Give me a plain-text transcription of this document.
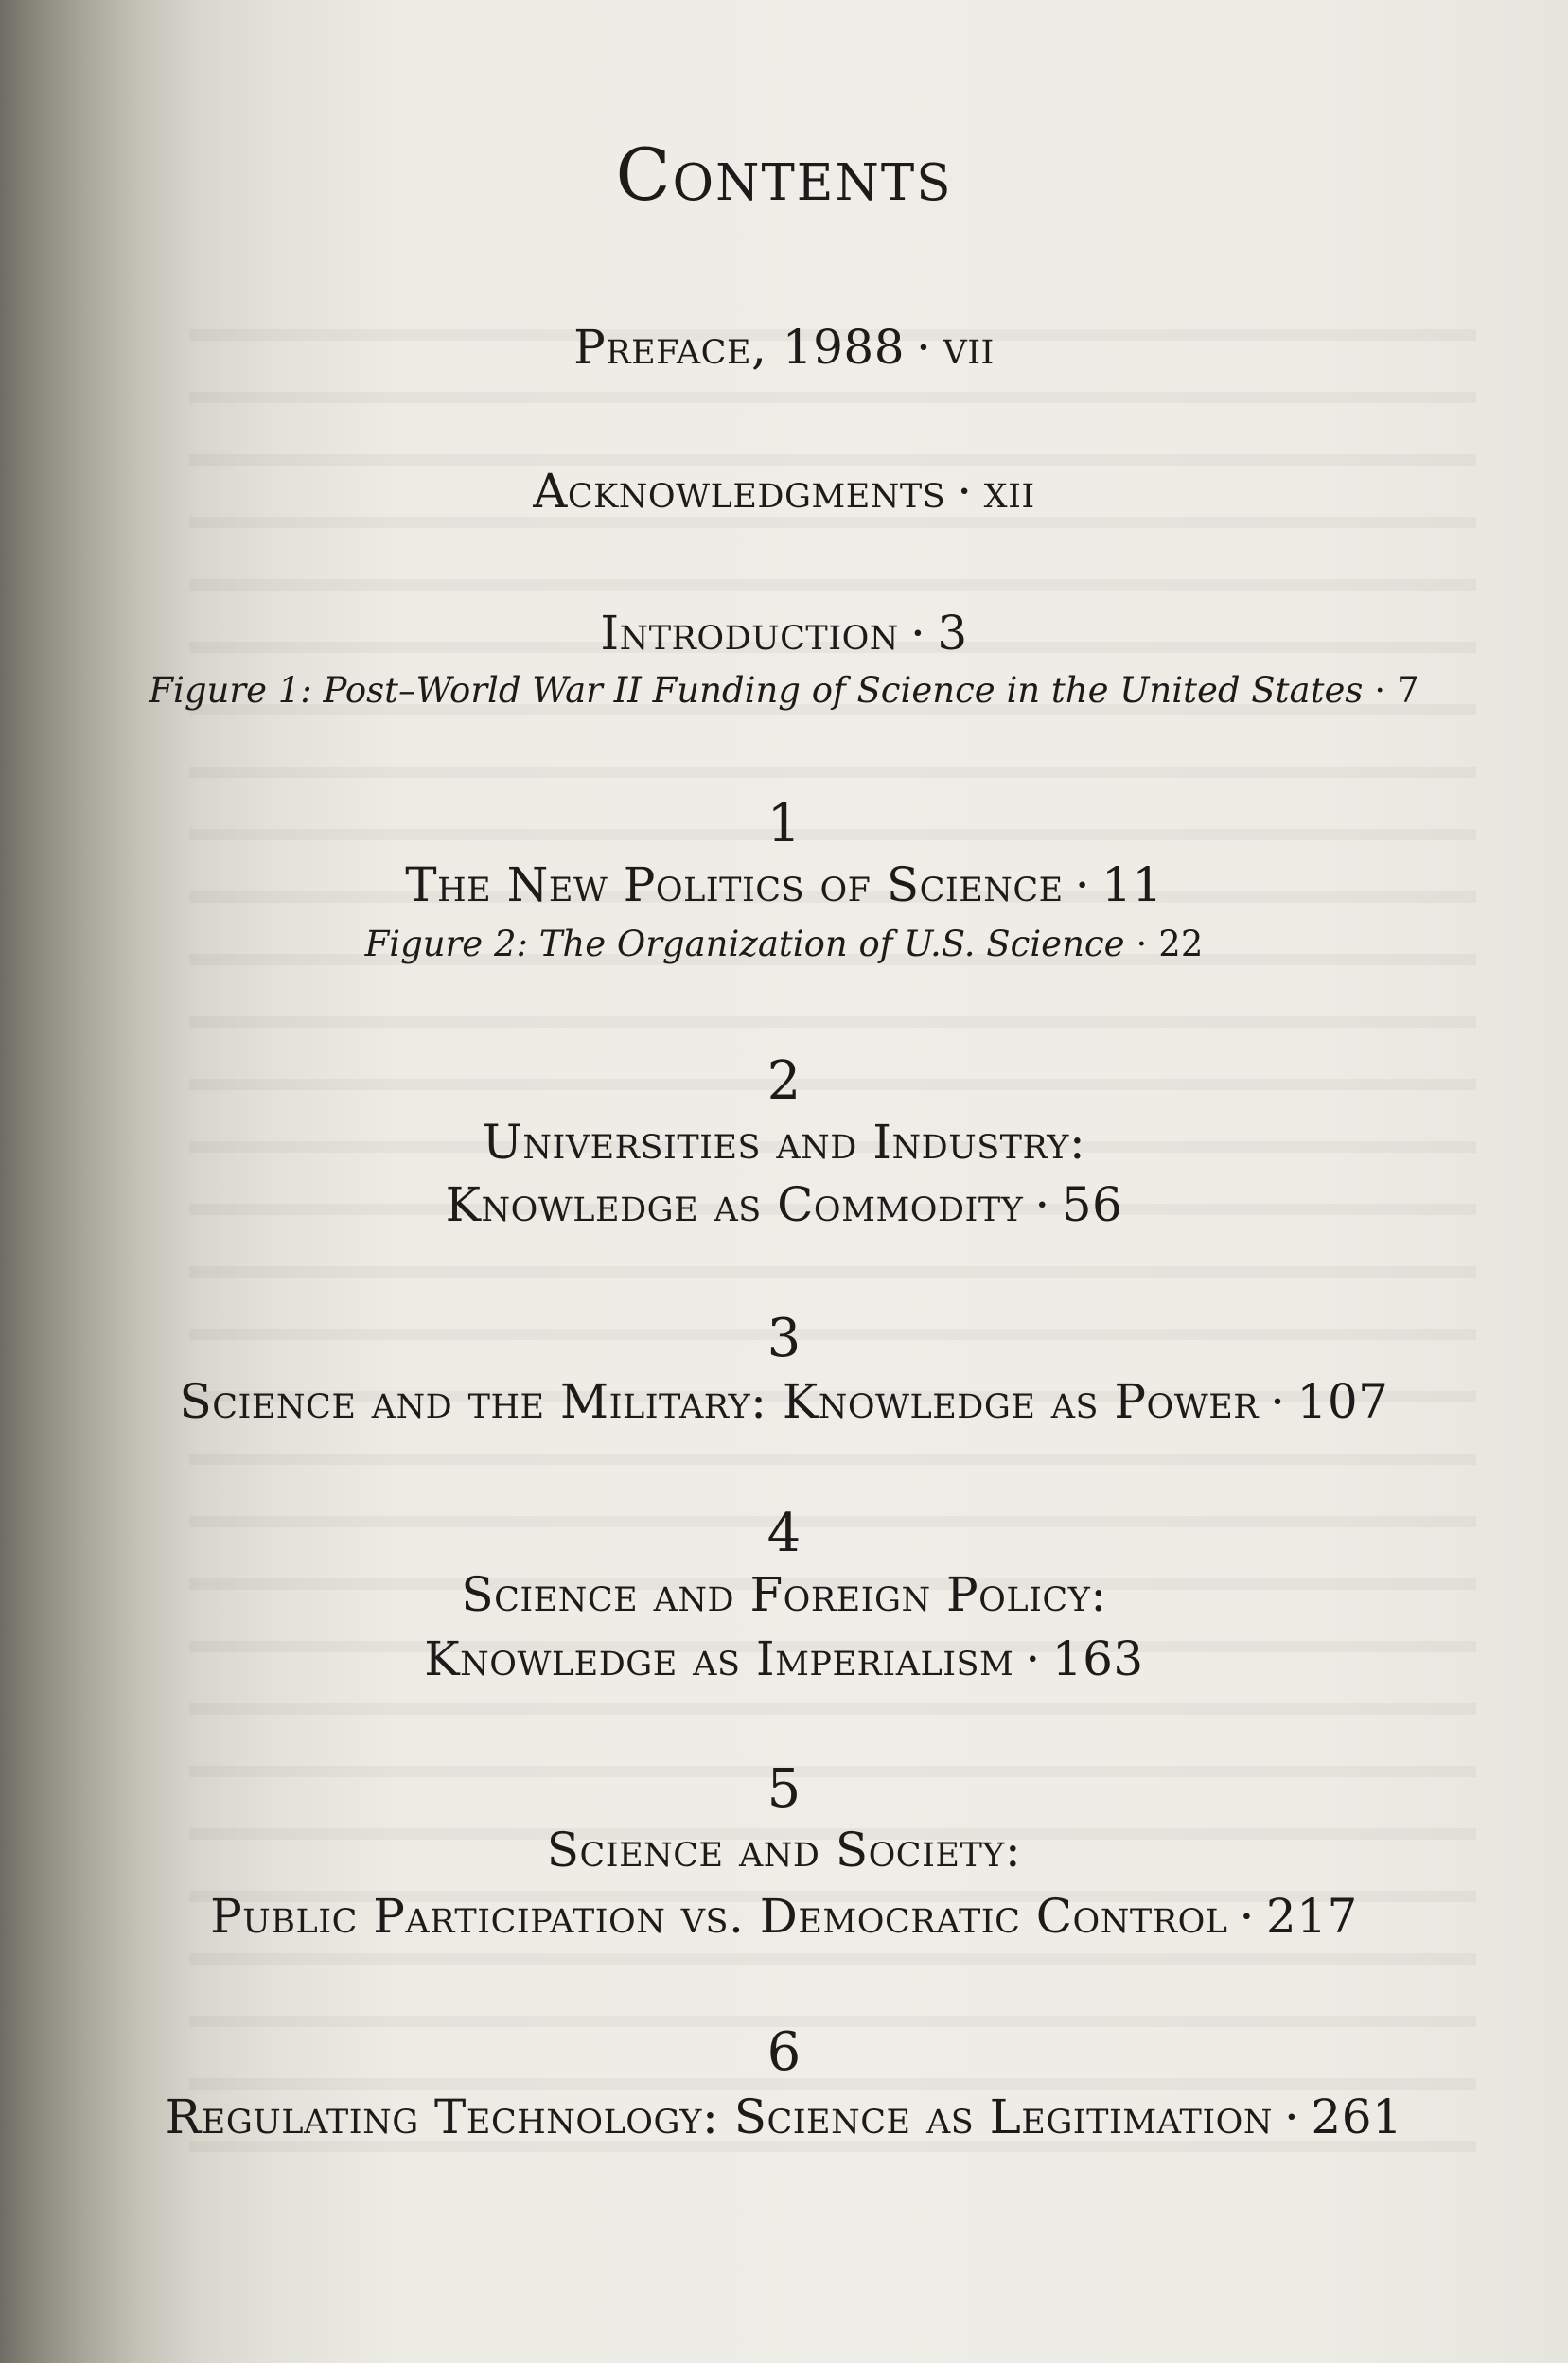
Contents
Preface, 1988 · vii
Acknowledgments · xii
Introduction · 3
Figure 1: Post–World War II Funding of Science in the United States · 7
1
The New Politics of Science · 11
Figure 2: The Organization of U.S. Science · 22
2
Universities and Industry:
Knowledge as Commodity · 56
3
Science and the Military: Knowledge as Power · 107
4
Science and Foreign Policy:
Knowledge as Imperialism · 163
5
Science and Society:
Public Participation vs. Democratic Control · 217
6
Regulating Technology: Science as Legitimation · 261
